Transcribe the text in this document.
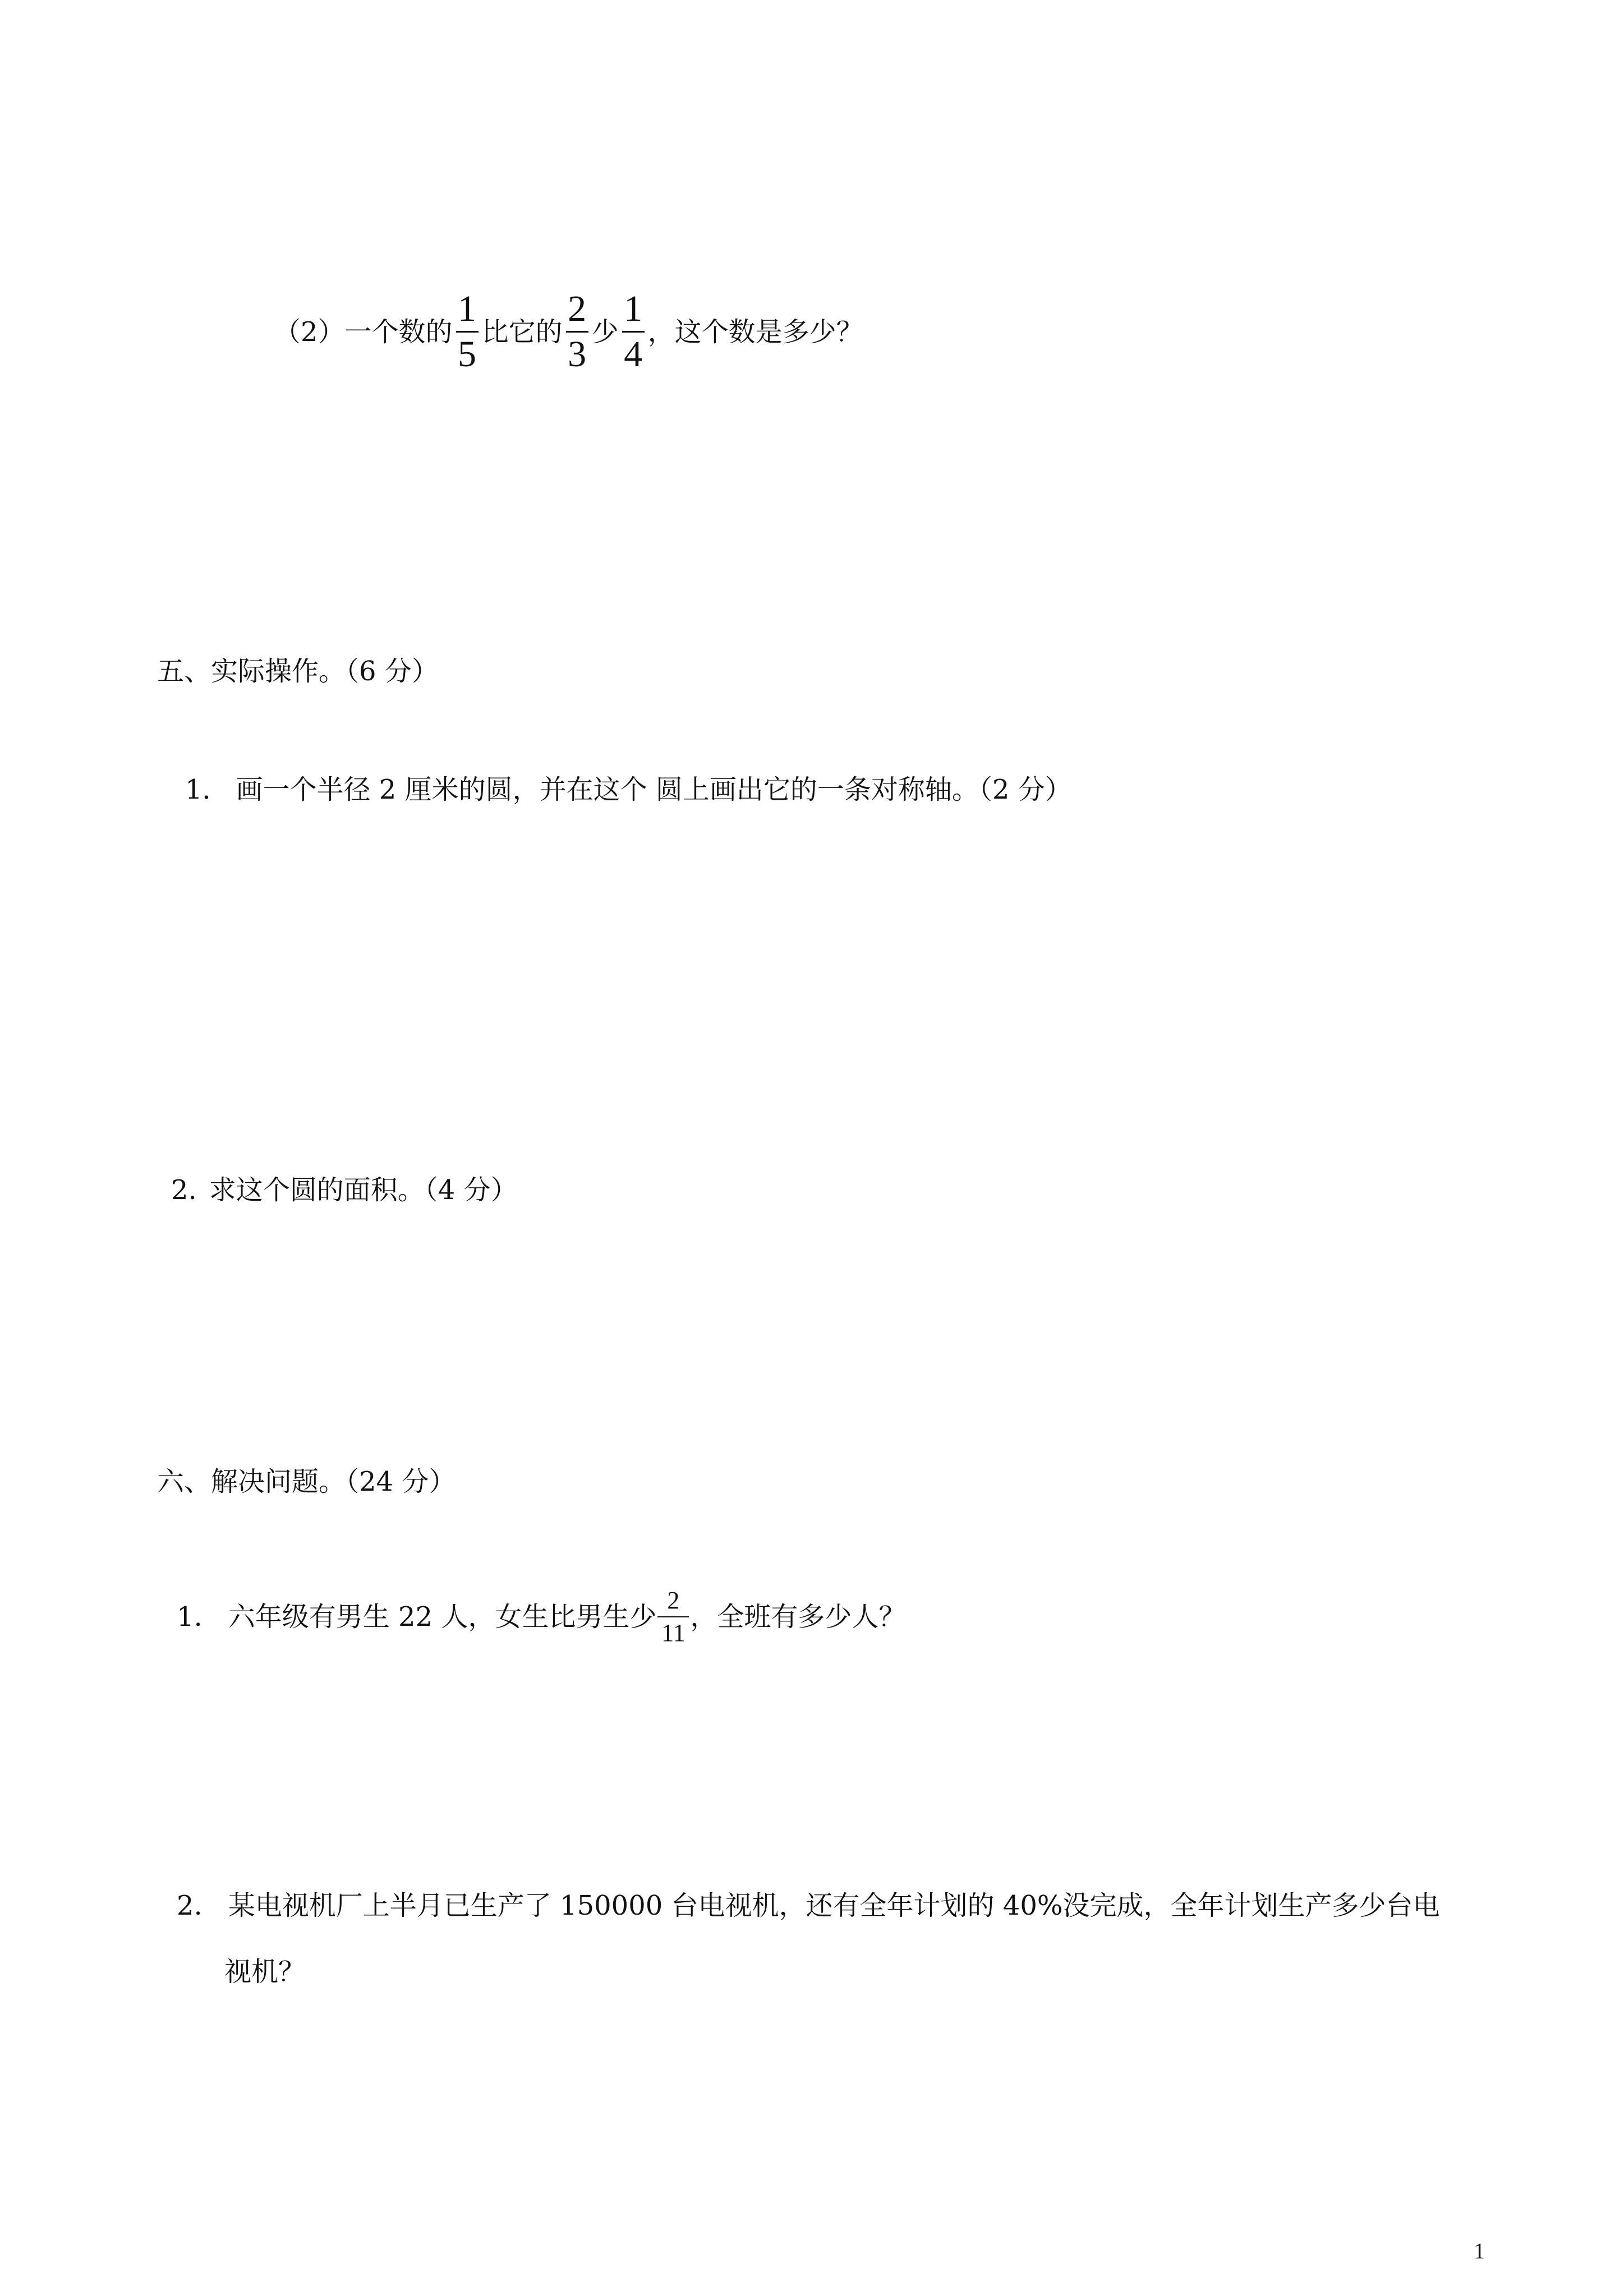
（2）一个数的 $\frac{1}{5}$ 比它的 $\frac{2}{3}$ 少 $\frac{1}{4}$ ，这个数是多少？
五、实际操作。（6 分）
1． 画一个半径 2 厘米的圆，并在这个 圆上画出它的一条对称轴。（2 分）
2. 求这个圆的面积。（4 分）
六、解决问题。（24 分）
1. 六年级有男生 22 人，女生比男生少 $\frac{2}{11}$ ，全班有多少人？
2. 某电视机厂上半月已生产了 150000 台电视机，还有全年计划的 40%没完成，全年计划生产多少台电
视机？
1
